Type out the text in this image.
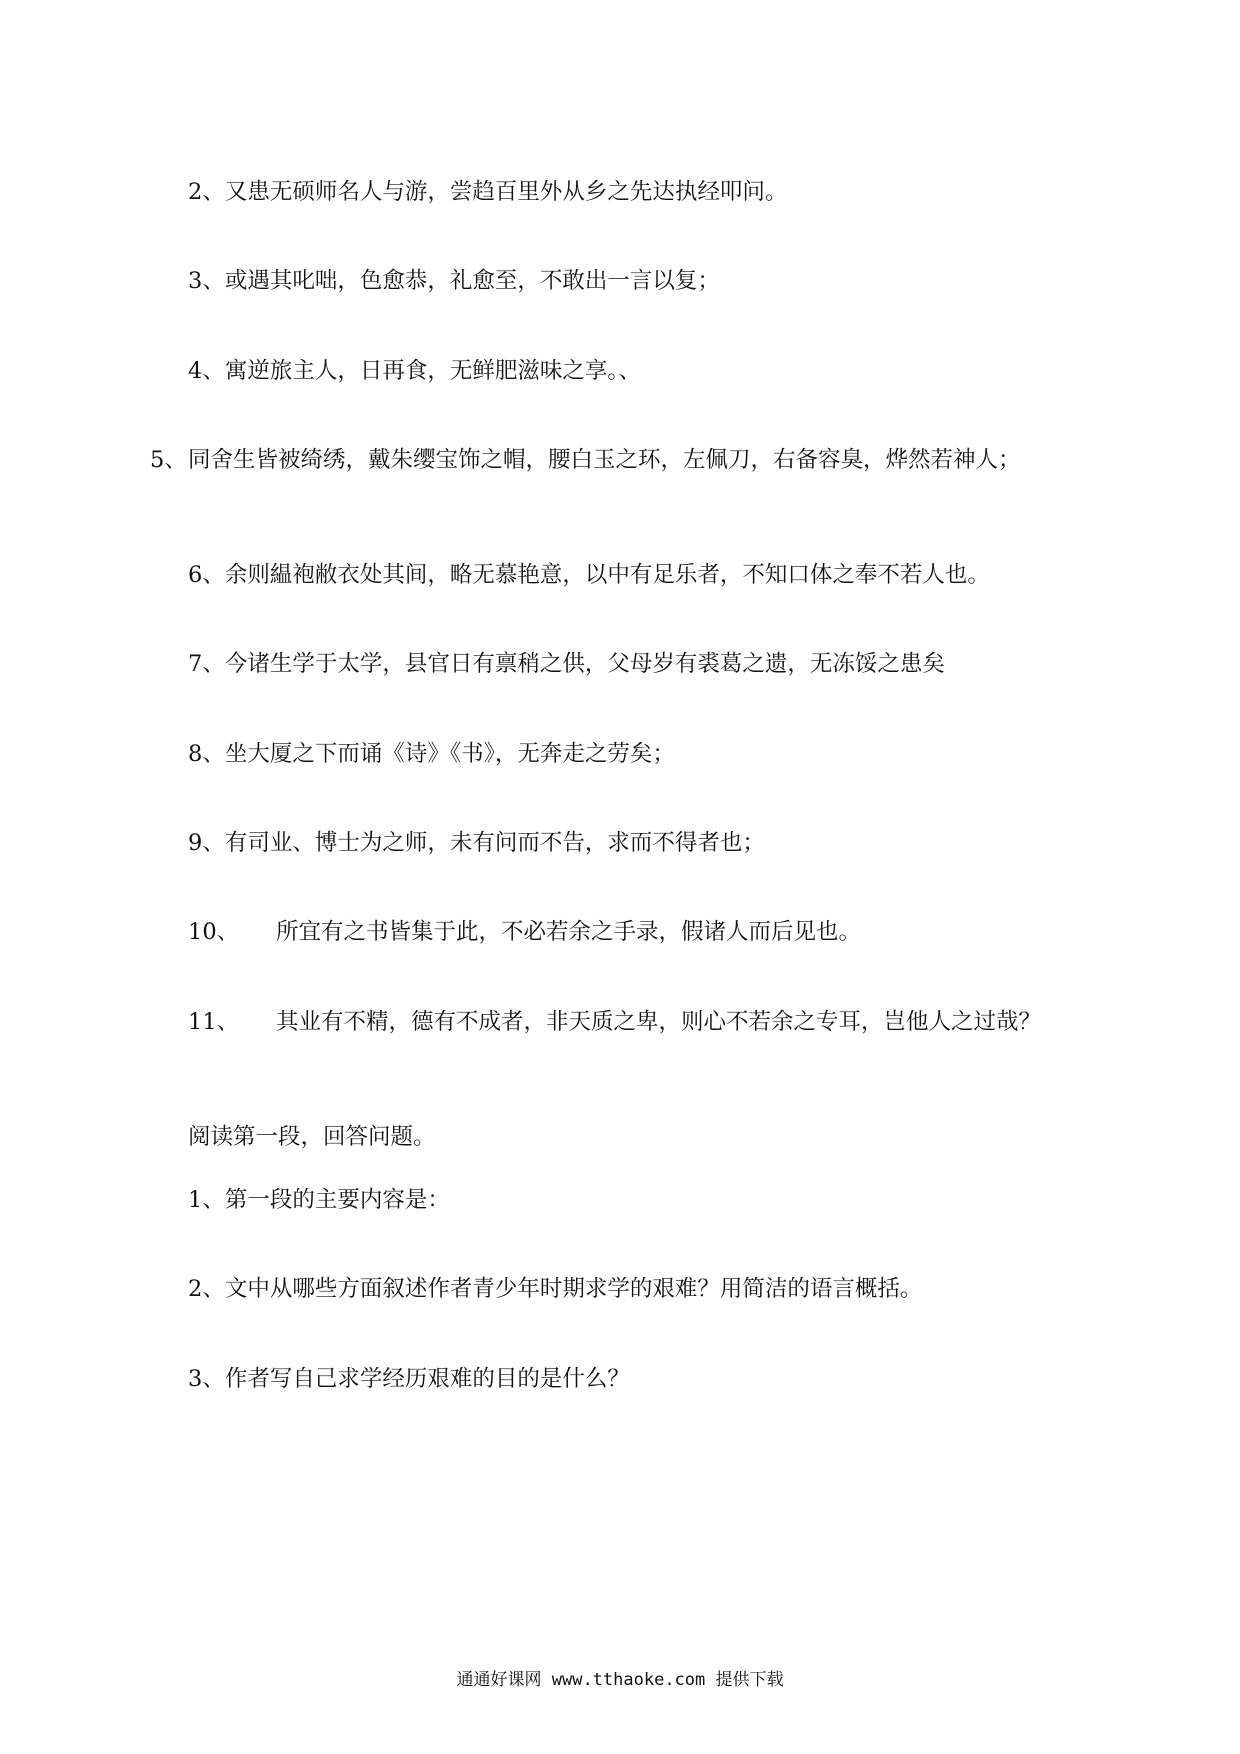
2、又患无硕师名人与游，尝趋百里外从乡之先达执经叩问。
3、或遇其叱咄，色愈恭，礼愈至，不敢出一言以复；
4、寓逆旅主人，日再食，无鲜肥滋味之享。、
5、同舍生皆被绮绣，戴朱缨宝饰之帽，腰白玉之环，左佩刀，右备容臭，烨然若神人；
6、余则緼袍敝衣处其间，略无慕艳意，以中有足乐者，不知口体之奉不若人也。
7、今诸生学于太学，县官日有禀稍之供，父母岁有裘葛之遗，无冻馁之患矣
8、坐大厦之下而诵《诗》《书》，无奔走之劳矣；
9、有司业、博士为之师，未有问而不告，求而不得者也；
10、 所宜有之书皆集于此，不必若余之手录，假诸人而后见也。
11、 其业有不精，德有不成者，非天质之卑，则心不若余之专耳，岂他人之过哉？
阅读第一段，回答问题。
1、第一段的主要内容是：
2、文中从哪些方面叙述作者青少年时期求学的艰难？用简洁的语言概括。
3、作者写自己求学经历艰难的目的是什么？
通通好课网 www.tthaoke.com 提供下载
